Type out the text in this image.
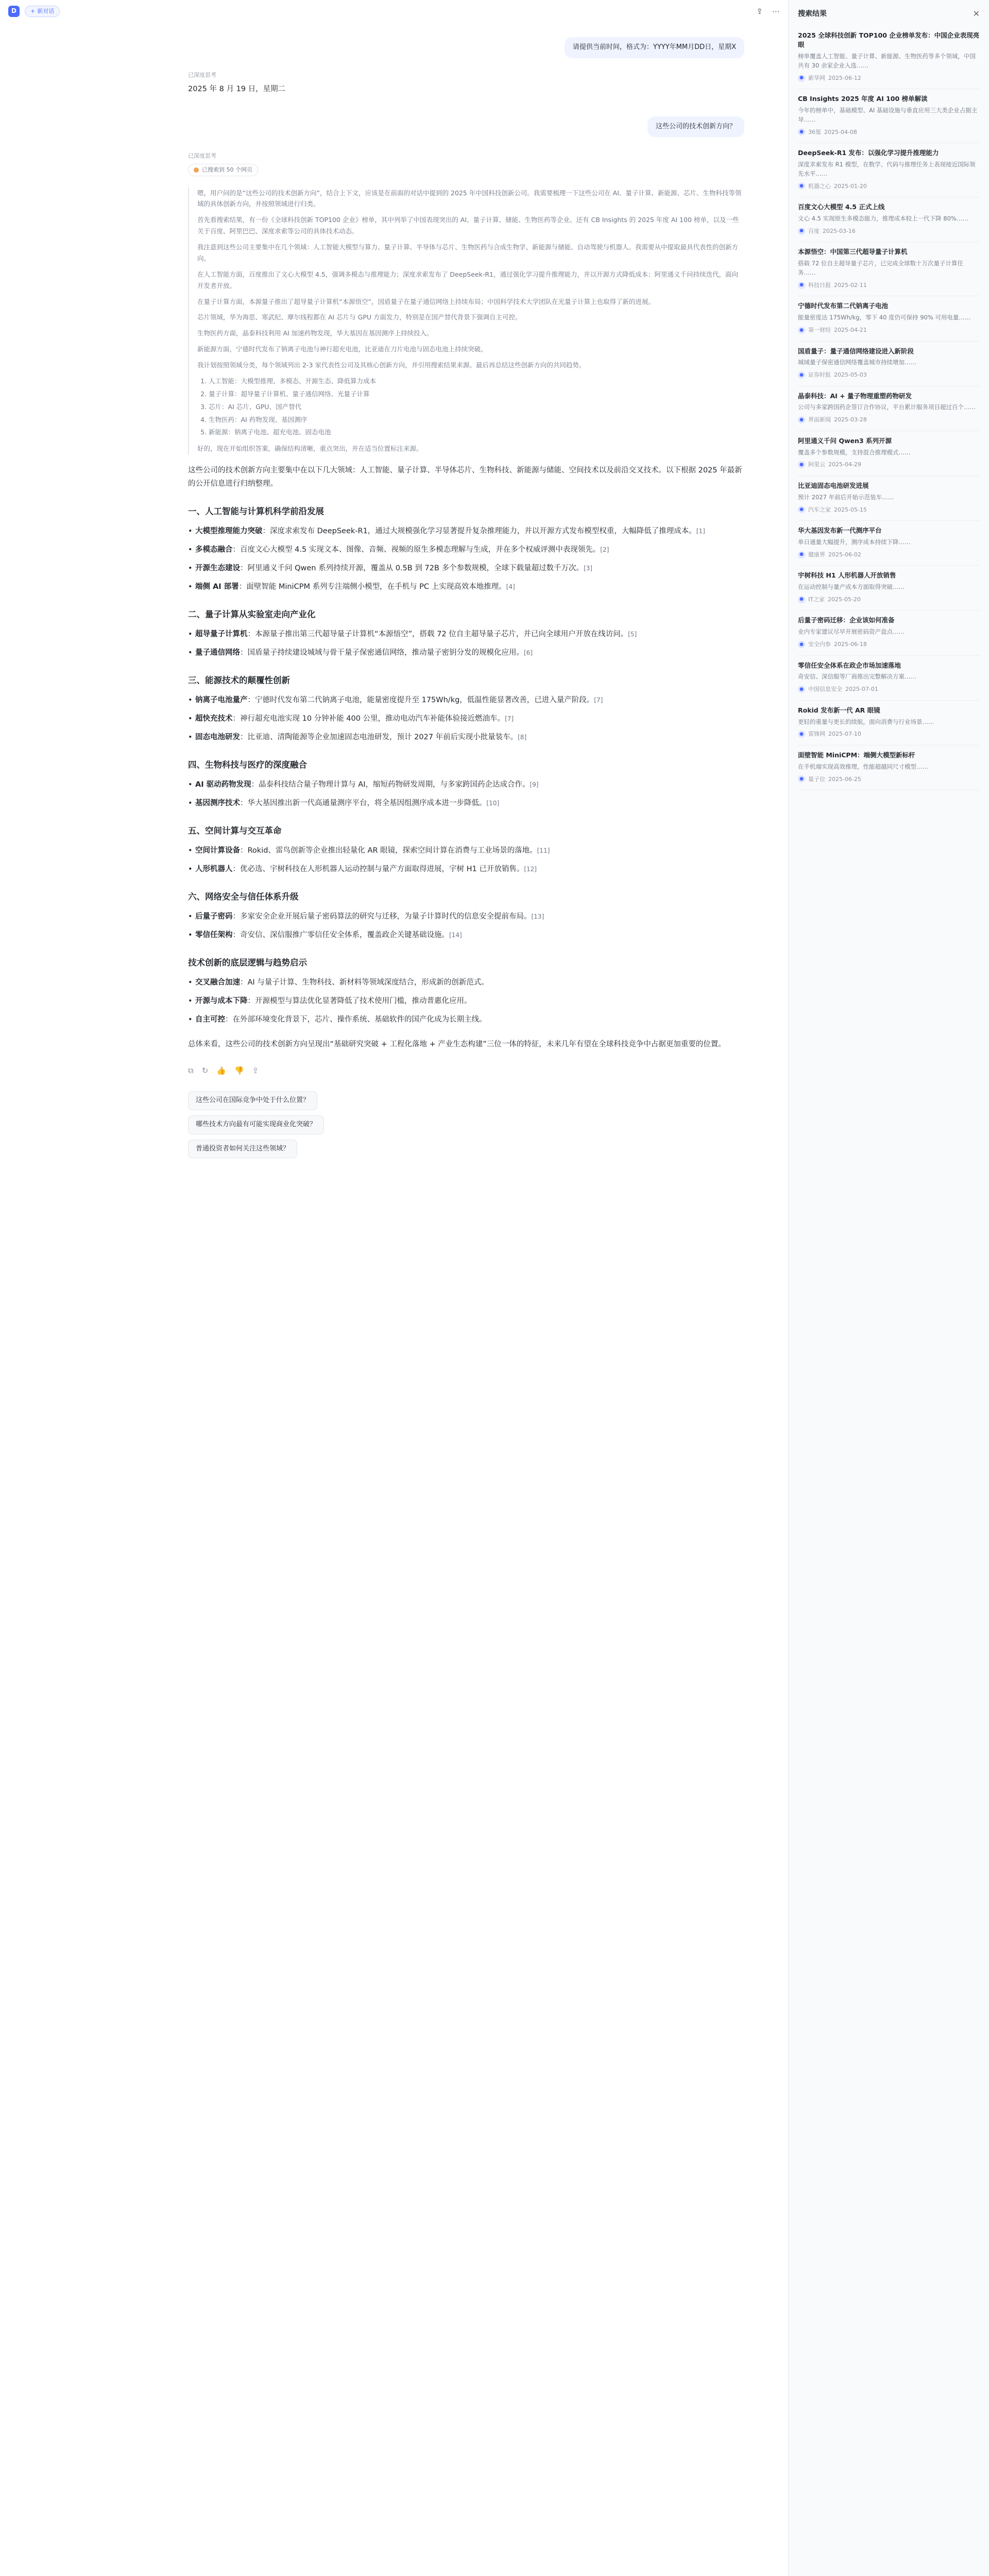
D	+ 新对话	⇪ ⋯
请提供当前时间，格式为：YYYY年MM月DD日，星期X
已深度思考
2025 年 8 月 19 日，星期二
这些公司的技术创新方向？
已深度思考
已搜索到 50 个网页

嗯，用户问的是“这些公司的技术创新方向”，结合上下文，应该是在前面的对话中提到的 2025 年中国科技创新公司。我需要梳理一下这些公司在 AI、量子计算、新能源、芯片、生物科技等领域的具体创新方向，并按照领域进行归类。

首先看搜索结果，有一份《全球科技创新 TOP100 企业》榜单，其中列举了中国表现突出的 AI、量子计算、储能、生物医药等企业。还有 CB Insights 的 2025 年度 AI 100 榜单，以及一些关于百度、阿里巴巴、深度求索等公司的具体技术动态。

我注意到这些公司主要集中在几个领域：人工智能大模型与算力、量子计算、半导体与芯片、生物医药与合成生物学、新能源与储能、自动驾驶与机器人。我需要从中提取最具代表性的创新方向。

在人工智能方面，百度推出了文心大模型 4.5，强调多模态与推理能力；深度求索发布了 DeepSeek-R1，通过强化学习提升推理能力，并以开源方式降低成本；阿里通义千问持续迭代，面向开发者开放。

在量子计算方面，本源量子推出了超导量子计算机“本源悟空”，国盾量子在量子通信网络上持续布局；中国科学技术大学团队在光量子计算上也取得了新的进展。

芯片领域，华为海思、寒武纪、摩尔线程都在 AI 芯片与 GPU 方面发力，特别是在国产替代背景下强调自主可控。

生物医药方面，晶泰科技利用 AI 加速药物发现，华大基因在基因测序上持续投入。

新能源方面，宁德时代发布了钠离子电池与神行超充电池，比亚迪在刀片电池与固态电池上持续突破。

我计划按照领域分类，每个领域列出 2-3 家代表性公司及其核心创新方向，并引用搜索结果来源。最后再总结这些创新方向的共同趋势。

1. 人工智能：大模型推理、多模态、开源生态、降低算力成本
2. 量子计算：超导量子计算机、量子通信网络、光量子计算
3. 芯片：AI 芯片、GPU、国产替代
4. 生物医药：AI 药物发现、基因测序
5. 新能源：钠离子电池、超充电池、固态电池

好的，现在开始组织答案，确保结构清晰，重点突出，并在适当位置标注来源。

这些公司的技术创新方向主要集中在以下几大领域：人工智能、量子计算、半导体芯片、生物科技、新能源与储能、空间技术以及前沿交叉技术。以下根据 2025 年最新的公开信息进行归纳整理。

一、人工智能与计算机科学前沿发展
• 大模型推理能力突破：深度求索发布 DeepSeek-R1，通过大规模强化学习显著提升复杂推理能力，并以开源方式发布模型权重，大幅降低了推理成本。[1]
• 多模态融合：百度文心大模型 4.5 实现文本、图像、音频、视频的原生多模态理解与生成，并在多个权威评测中表现领先。[2]
• 开源生态建设：阿里通义千问 Qwen 系列持续开源，覆盖从 0.5B 到 72B 多个参数规模，全球下载量超过数千万次。[3]
• 端侧 AI 部署：面壁智能 MiniCPM 系列专注端侧小模型，在手机与 PC 上实现高效本地推理。[4]
二、量子计算从实验室走向产业化
• 超导量子计算机：本源量子推出第三代超导量子计算机“本源悟空”，搭载 72 位自主超导量子芯片，并已向全球用户开放在线访问。[5]
• 量子通信网络：国盾量子持续建设城域与骨干量子保密通信网络，推动量子密钥分发的规模化应用。[6]
三、能源技术的颠覆性创新
• 钠离子电池量产：宁德时代发布第二代钠离子电池，能量密度提升至 175Wh/kg，低温性能显著改善，已进入量产阶段。[7]
• 超快充技术：神行超充电池实现 10 分钟补能 400 公里，推动电动汽车补能体验接近燃油车。[7]
• 固态电池研发：比亚迪、清陶能源等企业加速固态电池研发，预计 2027 年前后实现小批量装车。[8]
四、生物科技与医疗的深度融合
• AI 驱动药物发现：晶泰科技结合量子物理计算与 AI，缩短药物研发周期，与多家跨国药企达成合作。[9]
• 基因测序技术：华大基因推出新一代高通量测序平台，将全基因组测序成本进一步降低。[10]
五、空间计算与交互革命
• 空间计算设备：Rokid、雷鸟创新等企业推出轻量化 AR 眼镜，探索空间计算在消费与工业场景的落地。[11]
• 人形机器人：优必选、宇树科技在人形机器人运动控制与量产方面取得进展，宇树 H1 已开放销售。[12]
六、网络安全与信任体系升级
• 后量子密码：多家安全企业开展后量子密码算法的研究与迁移，为量子计算时代的信息安全提前布局。[13]
• 零信任架构：奇安信、深信服推广零信任安全体系，覆盖政企关键基础设施。[14]
技术创新的底层逻辑与趋势启示
• 交叉融合加速：AI 与量子计算、生物科技、新材料等领域深度结合，形成新的创新范式。
• 开源与成本下降：开源模型与算法优化显著降低了技术使用门槛，推动普惠化应用。
• 自主可控：在外部环境变化背景下，芯片、操作系统、基础软件的国产化成为长期主线。

总体来看，这些公司的技术创新方向呈现出“基础研究突破 + 工程化落地 + 产业生态构建”三位一体的特征，未来几年有望在全球科技竞争中占据更加重要的位置。

⧉ ↻ 👍 👎 ⇪
这些公司在国际竞争中处于什么位置？
哪些技术方向最有可能实现商业化突破？
普通投资者如何关注这些领域？
搜索结果	✕
2025 全球科技创新 TOP100 企业榜单发布：中国企业表现亮眼
榜单覆盖人工智能、量子计算、新能源、生物医药等多个领域，中国共有 30 余家企业入选……
● 新华网 2025-06-12
CB Insights 2025 年度 AI 100 榜单解读
今年的榜单中，基础模型、AI 基础设施与垂直应用三大类企业占据主导……
● 36氪 2025-04-08
DeepSeek-R1 发布：以强化学习提升推理能力
深度求索发布 R1 模型，在数学、代码与推理任务上表现接近国际领先水平……
● 机器之心 2025-01-20
百度文心大模型 4.5 正式上线
文心 4.5 实现原生多模态能力，推理成本较上一代下降 80%……
● 百度 2025-03-16
本源悟空：中国第三代超导量子计算机
搭载 72 位自主超导量子芯片，已完成全球数十万次量子计算任务……
● 科技日报 2025-02-11
宁德时代发布第二代钠离子电池
能量密度达 175Wh/kg，零下 40 度仍可保持 90% 可用电量……
● 第一财经 2025-04-21
国盾量子：量子通信网络建设进入新阶段
城域量子保密通信网络覆盖城市持续增加……
● 证券时报 2025-05-03
晶泰科技：AI + 量子物理重塑药物研发
公司与多家跨国药企签订合作协议，平台累计服务项目超过百个……
● 界面新闻 2025-03-28
阿里通义千问 Qwen3 系列开源
覆盖多个参数规模，支持混合推理模式……
● 阿里云 2025-04-29
比亚迪固态电池研发进展
预计 2027 年前后开始示范装车……
● 汽车之家 2025-05-15
华大基因发布新一代测序平台
单日通量大幅提升，测序成本持续下降……
● 健康界 2025-06-02
宇树科技 H1 人形机器人开放销售
在运动控制与量产成本方面取得突破……
● IT之家 2025-05-20
后量子密码迁移：企业该如何准备
业内专家建议尽早开展密码资产盘点……
● 安全内参 2025-06-18
零信任安全体系在政企市场加速落地
奇安信、深信服等厂商推出完整解决方案……
● 中国信息安全 2025-07-01
Rokid 发布新一代 AR 眼镜
更轻的重量与更长的续航，面向消费与行业场景……
● 雷锋网 2025-07-10
面壁智能 MiniCPM：端侧大模型新标杆
在手机端实现高效推理，性能超越同尺寸模型……
● 量子位 2025-06-25
